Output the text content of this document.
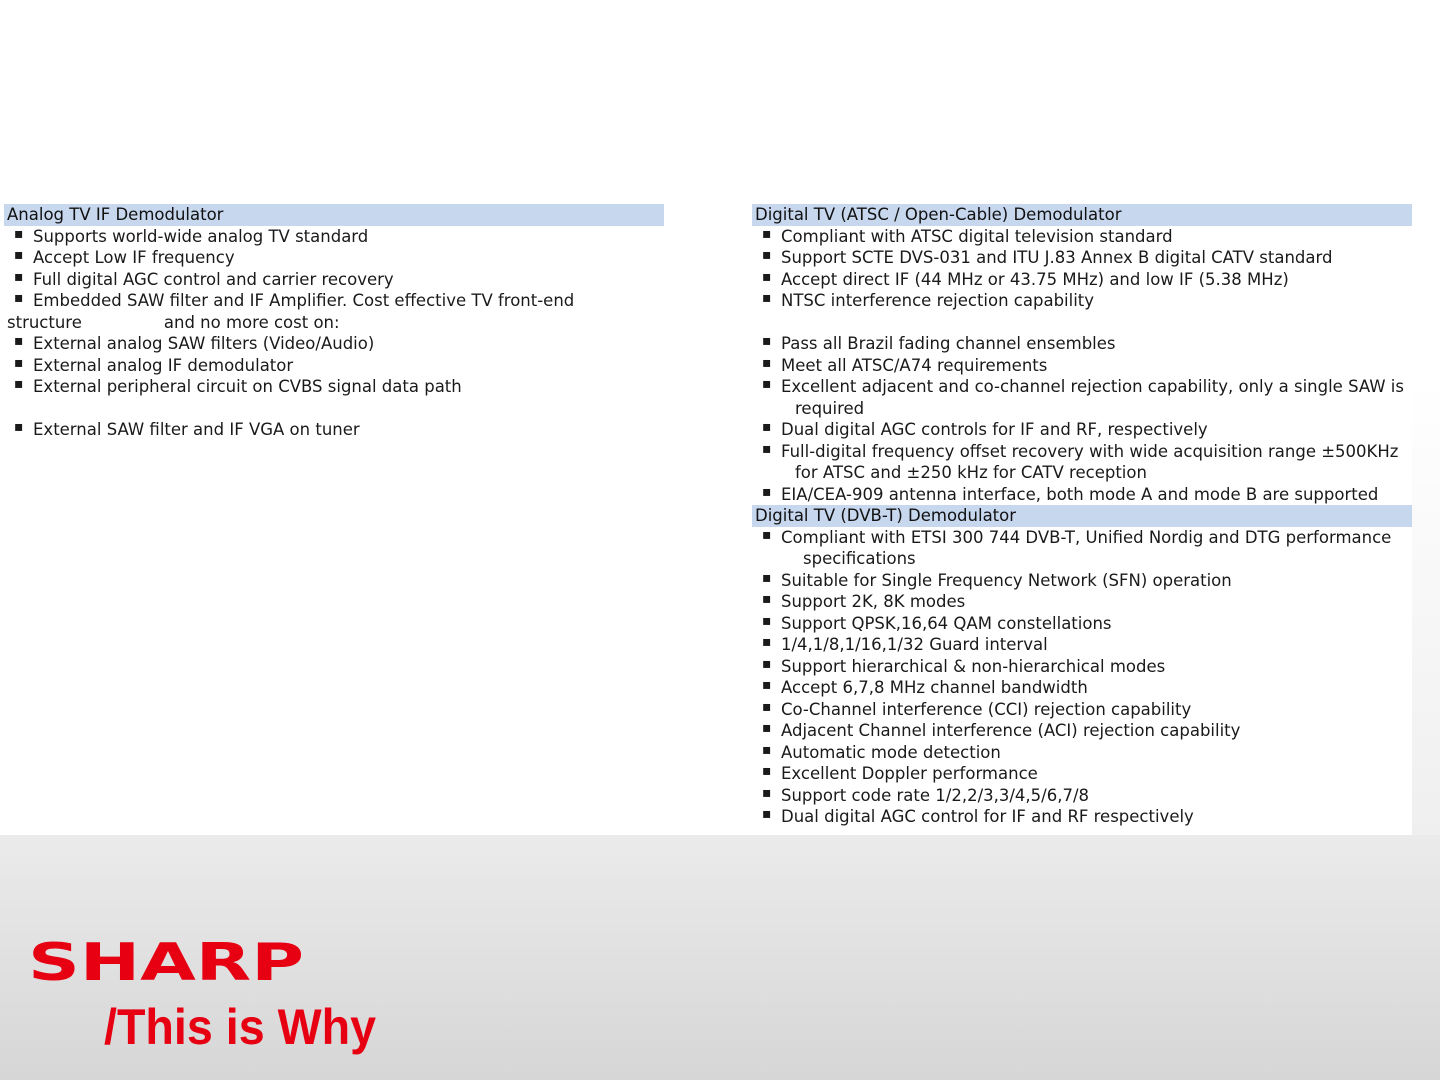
Analog TV IF Demodulator
▪ Supports world-wide analog TV standard
▪ Accept Low IF frequency
▪ Full digital AGC control and carrier recovery
▪ Embedded SAW filter and IF Amplifier. Cost effective TV front-end
structure	and no more cost on:
▪ External analog SAW filters (Video/Audio)
▪ External analog IF demodulator
▪ External peripheral circuit on CVBS signal data path
▪ External SAW filter and IF VGA on tuner
Digital TV (ATSC / Open-Cable) Demodulator
▪ Compliant with ATSC digital television standard
▪ Support SCTE DVS-031 and ITU J.83 Annex B digital CATV standard
▪ Accept direct IF (44 MHz or 43.75 MHz) and low IF (5.38 MHz)
▪ NTSC interference rejection capability
▪ Pass all Brazil fading channel ensembles
▪ Meet all ATSC/A74 requirements
▪ Excellent adjacent and co-channel rejection capability, only a single SAW is
required
▪ Dual digital AGC controls for IF and RF, respectively
▪ Full-digital frequency offset recovery with wide acquisition range ±500KHz
for ATSC and ±250 kHz for CATV reception
▪ EIA/CEA-909 antenna interface, both mode A and mode B are supported
Digital TV (DVB-T) Demodulator
▪ Compliant with ETSI 300 744 DVB-T, Unified Nordig and DTG performance
specifications
▪ Suitable for Single Frequency Network (SFN) operation
▪ Support 2K, 8K modes
▪ Support QPSK,16,64 QAM constellations
▪ 1/4,1/8,1/16,1/32 Guard interval
▪ Support hierarchical & non-hierarchical modes
▪ Accept 6,7,8 MHz channel bandwidth
▪ Co-Channel interference (CCI) rejection capability
▪ Adjacent Channel interference (ACI) rejection capability
▪ Automatic mode detection
▪ Excellent Doppler performance
▪ Support code rate 1/2,2/3,3/4,5/6,7/8
▪ Dual digital AGC control for IF and RF respectively
SHARP
/This is Why
